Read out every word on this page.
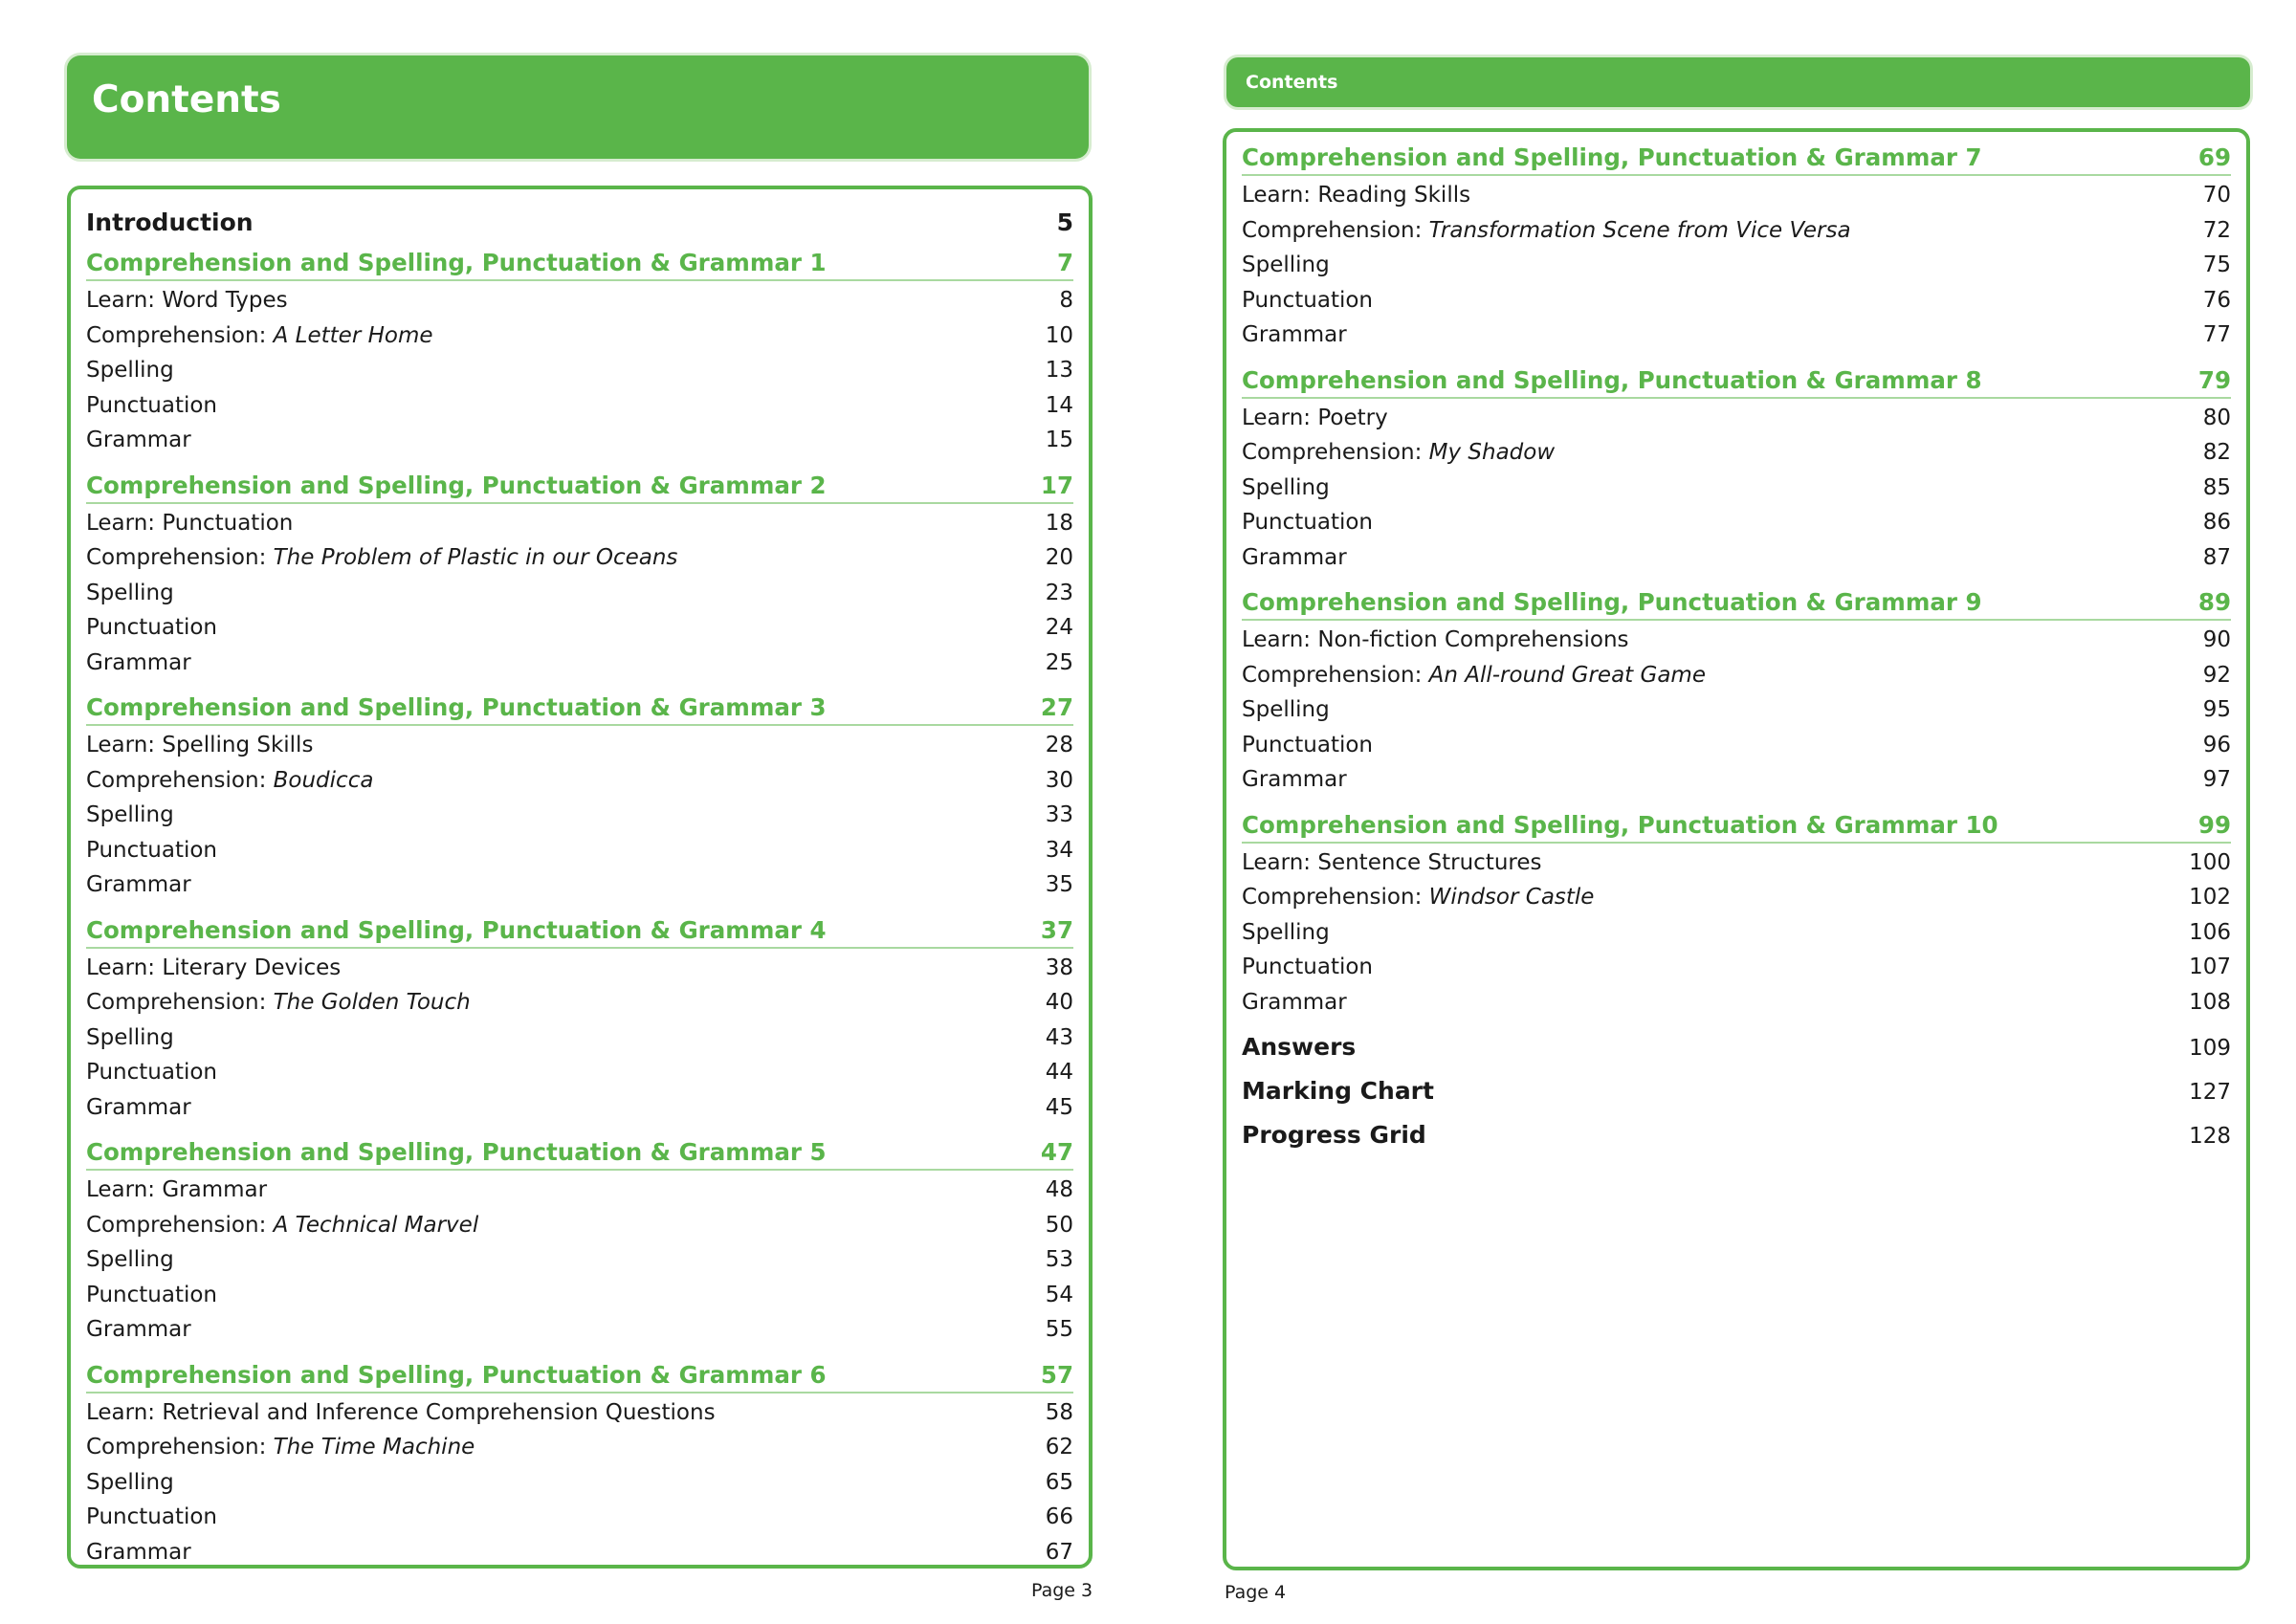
Contents
Introduction	5
Comprehension and Spelling, Punctuation & Grammar 1	7
Learn: Word Types	8
Comprehension: A Letter Home	10
Spelling	13
Punctuation	14
Grammar	15
Comprehension and Spelling, Punctuation & Grammar 2	17
Learn: Punctuation	18
Comprehension: The Problem of Plastic in our Oceans	20
Spelling	23
Punctuation	24
Grammar	25
Comprehension and Spelling, Punctuation & Grammar 3	27
Learn: Spelling Skills	28
Comprehension: Boudicca	30
Spelling	33
Punctuation	34
Grammar	35
Comprehension and Spelling, Punctuation & Grammar 4	37
Learn: Literary Devices	38
Comprehension: The Golden Touch	40
Spelling	43
Punctuation	44
Grammar	45
Comprehension and Spelling, Punctuation & Grammar 5	47
Learn: Grammar	48
Comprehension: A Technical Marvel	50
Spelling	53
Punctuation	54
Grammar	55
Comprehension and Spelling, Punctuation & Grammar 6	57
Learn: Retrieval and Inference Comprehension Questions	58
Comprehension: The Time Machine	62
Spelling	65
Punctuation	66
Grammar	67
Page 3
Contents
Comprehension and Spelling, Punctuation & Grammar 7	69
Learn: Reading Skills	70
Comprehension: Transformation Scene from Vice Versa	72
Spelling	75
Punctuation	76
Grammar	77
Comprehension and Spelling, Punctuation & Grammar 8	79
Learn: Poetry	80
Comprehension: My Shadow	82
Spelling	85
Punctuation	86
Grammar	87
Comprehension and Spelling, Punctuation & Grammar 9	89
Learn: Non-fiction Comprehensions	90
Comprehension: An All-round Great Game	92
Spelling	95
Punctuation	96
Grammar	97
Comprehension and Spelling, Punctuation & Grammar 10	99
Learn: Sentence Structures	100
Comprehension: Windsor Castle	102
Spelling	106
Punctuation	107
Grammar	108
Answers	109
Marking Chart	127
Progress Grid	128
Page 4
